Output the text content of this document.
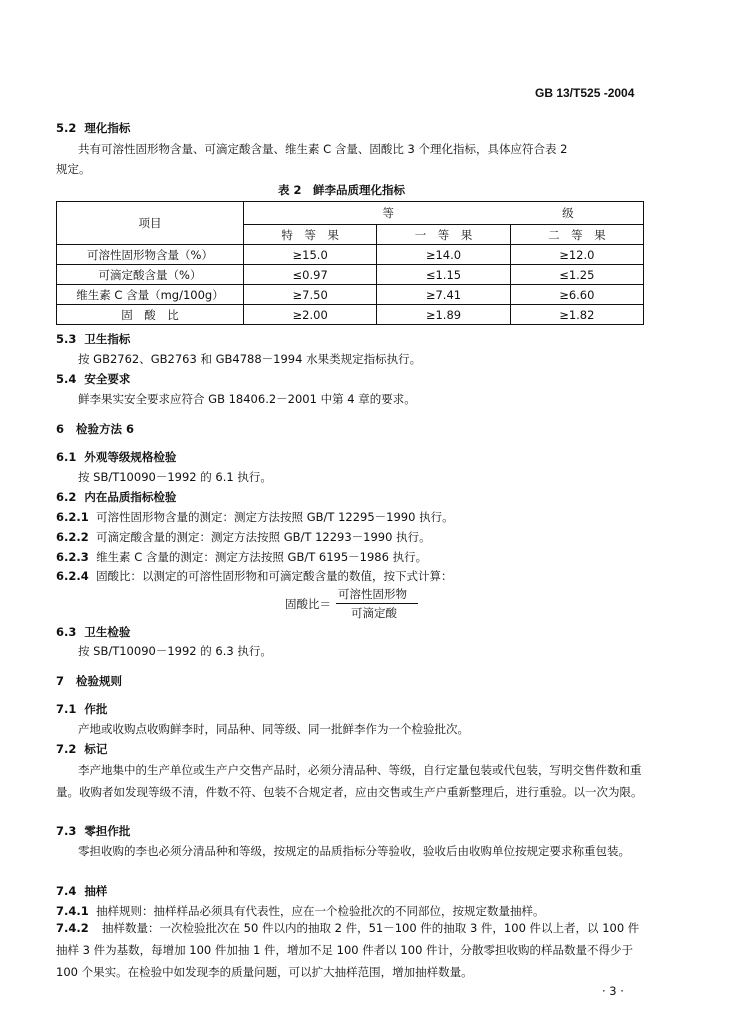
GB 13/T525 -2004
5.2 理化指标
共有可溶性固形物含量、可滴定酸含量、维生素 C 含量、固酸比 3 个理化指标，具体应符合表 2
规定。
表 2　鲜李品质理化指标
项目	等 级		
	特　等　果	一　等　果	二　等　果
可溶性固形物含量（%）	≥15.0	≥14.0	≥12.0
可滴定酸含量（%）	≤0.97	≤1.15	≤1.25
维生素 C 含量（mg/100g）	≥7.50	≥7.41	≥6.60
固　酸　比	≥2.00	≥1.89	≥1.82
5.3 卫生指标
按 GB2762、GB2763 和 GB4788－1994 水果类规定指标执行。
5.4 安全要求
鲜李果实安全要求应符合 GB 18406.2－2001 中第 4 章的要求。
6 检验方法 6
6.1 外观等级规格检验
按 SB/T10090－1992 的 6.1 执行。
6.2 内在品质指标检验
6.2.1 可溶性固形物含量的测定：测定方法按照 GB/T 12295－1990 执行。
6.2.2 可滴定酸含量的测定：测定方法按照 GB/T 12293－1990 执行。
6.2.3 维生素 C 含量的测定：测定方法按照 GB/T 6195－1986 执行。
6.2.4 固酸比：以测定的可溶性固形物和可滴定酸含量的数值，按下式计算：
固酸比＝
可溶性固形物
可滴定酸
6.3 卫生检验
按 SB/T10090－1992 的 6.3 执行。
7 检验规则
7.1 作批
产地或收购点收购鲜李时，同品种、同等级、同一批鲜李作为一个检验批次。
7.2 标记

李产地集中的生产单位或生产户交售产品时，必须分清品种、等级，自行定量包装或代包装，写明交售件数和重量。收购者如发现等级不清，件数不符、包装不合规定者，应由交售或生产户重新整理后，进行重验。以一次为限。

7.3 零担作批

零担收购的李也必须分清品种和等级，按规定的品质指标分等验收，验收后由收购单位按规定要求称重包装。

7.4 抽样
7.4.1 抽样规则：抽样样品必须具有代表性，应在一个检验批次的不同部位，按规定数量抽样。
7.4.2	抽样数量：一次检验批次在 50 件以内的抽取 2 件，51－100 件的抽取 3 件，100 件以上者，以 100 件抽样 3 件为基数，每增加 100 件加抽 1 件，增加不足 100 件者以 100 件计，分散零担收购的样品数量不得少于 100 个果实。在检验中如发现李的质量问题，可以扩大抽样范围，增加抽样数量。

· 3 ·
